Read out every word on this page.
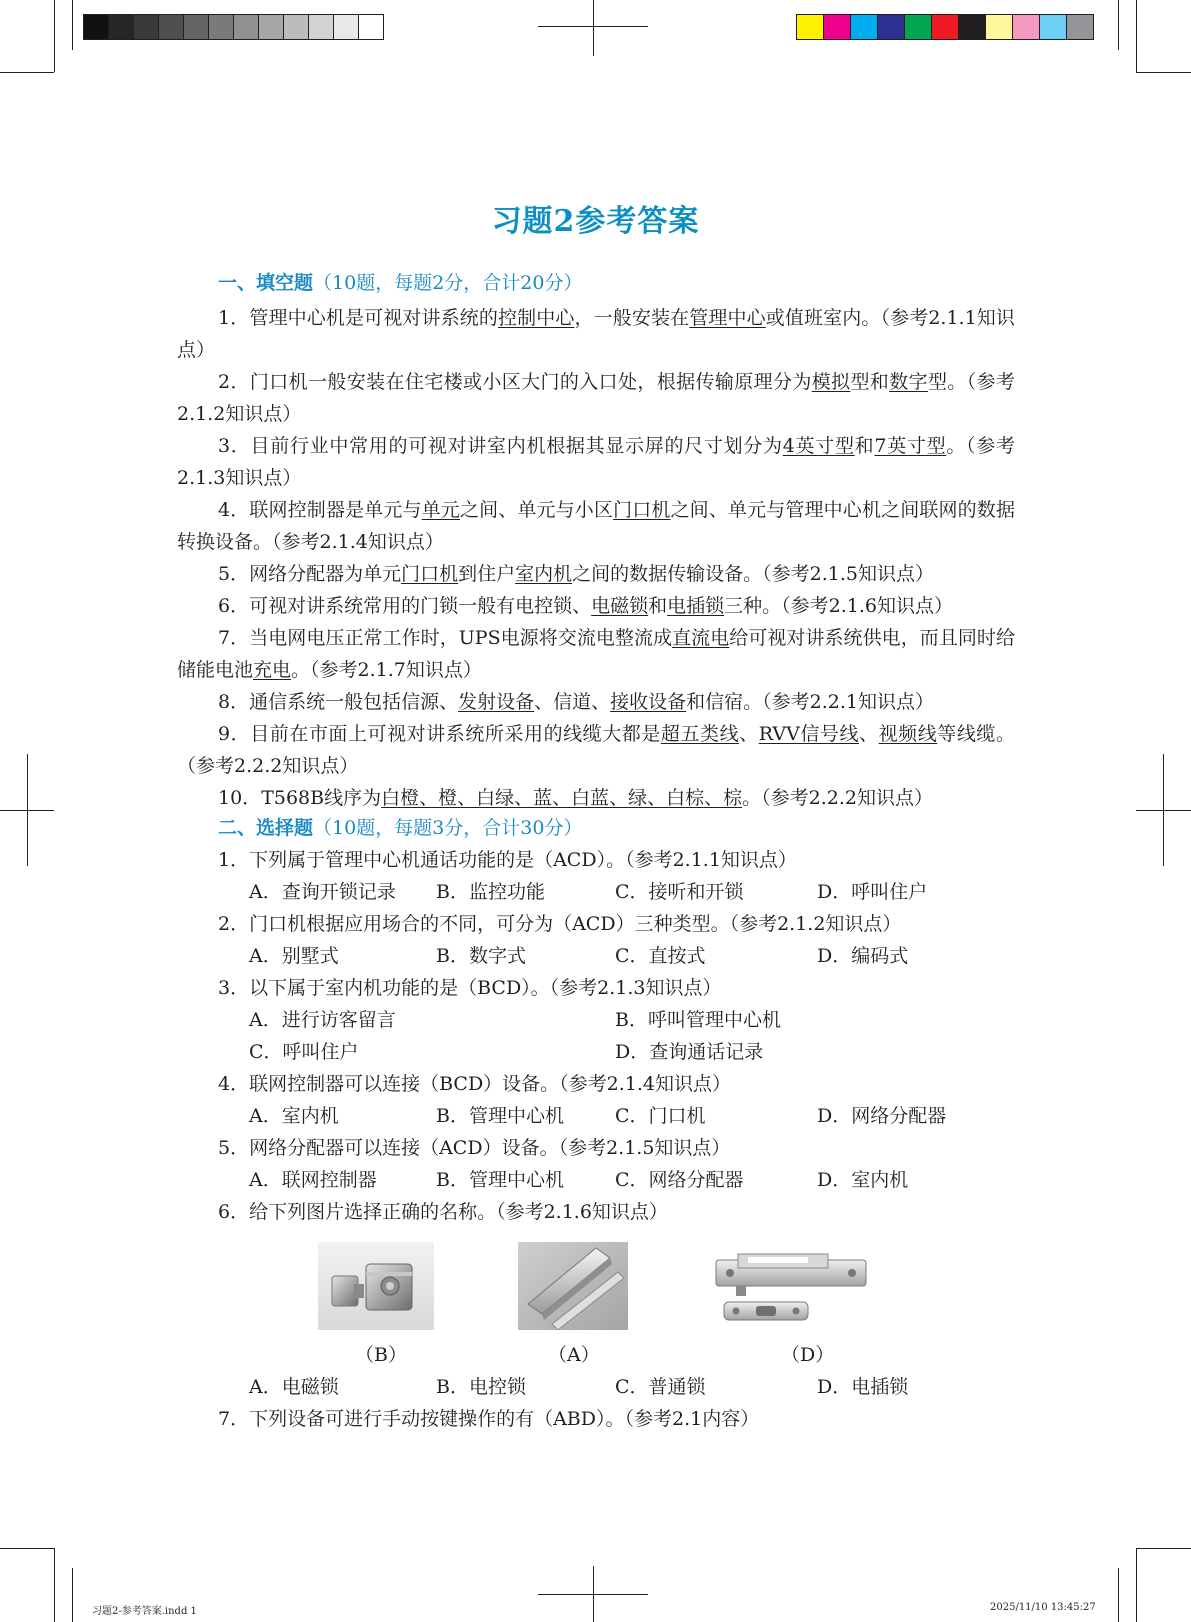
习题2参考答案
一、填空题（10题，每题2分，合计20分）
1．管理中心机是可视对讲系统的控制中心，一般安装在管理中心或值班室内。（参考2.1.1知识点）
2．门口机一般安装在住宅楼或小区大门的入口处，根据传输原理分为模拟型和数字型。（参考2.1.2知识点）
3．目前行业中常用的可视对讲室内机根据其显示屏的尺寸划分为4英寸型和7英寸型。（参考2.1.3知识点）
4．联网控制器是单元与单元之间、单元与小区门口机之间、单元与管理中心机之间联网的数据转换设备。（参考2.1.4知识点）
5．网络分配器为单元门口机到住户室内机之间的数据传输设备。（参考2.1.5知识点）
6．可视对讲系统常用的门锁一般有电控锁、电磁锁和电插锁三种。（参考2.1.6知识点）
7．当电网电压正常工作时，UPS电源将交流电整流成直流电给可视对讲系统供电，而且同时给储能电池充电。（参考2.1.7知识点）
8．通信系统一般包括信源、发射设备、信道、接收设备和信宿。（参考2.2.1知识点）
9．目前在市面上可视对讲系统所采用的线缆大都是超五类线、RVV信号线、视频线等线缆。（参考2.2.2知识点）
10．T568B线序为白橙、橙、白绿、蓝、白蓝、绿、白棕、棕。（参考2.2.2知识点）
二、选择题（10题，每题3分，合计30分）
1．下列属于管理中心机通话功能的是（ACD）。（参考2.1.1知识点）
A．查询开锁记录 B．监控功能	C．接听和开锁	D．呼叫住户
2．门口机根据应用场合的不同，可分为（ACD）三种类型。（参考2.1.2知识点）
A．别墅式	B．数字式	C．直按式	D．编码式
3．以下属于室内机功能的是（BCD）。（参考2.1.3知识点）
A．进行访客留言	B．呼叫管理中心机
C．呼叫住户	D．查询通话记录
4．联网控制器可以连接（BCD）设备。（参考2.1.4知识点）
A．室内机	B．管理中心机	C．门口机	D．网络分配器
5．网络分配器可以连接（ACD）设备。（参考2.1.5知识点）
A．联网控制器	B．管理中心机	C．网络分配器	D．室内机
6．给下列图片选择正确的名称。（参考2.1.6知识点）
（B）	（A）	（D）
A．电磁锁	B．电控锁	C．普通锁	D．电插锁
7．下列设备可进行手动按键操作的有（ABD）。（参考2.1内容）
习题2-参考答案.indd 1	2025/11/10 13:45:27
